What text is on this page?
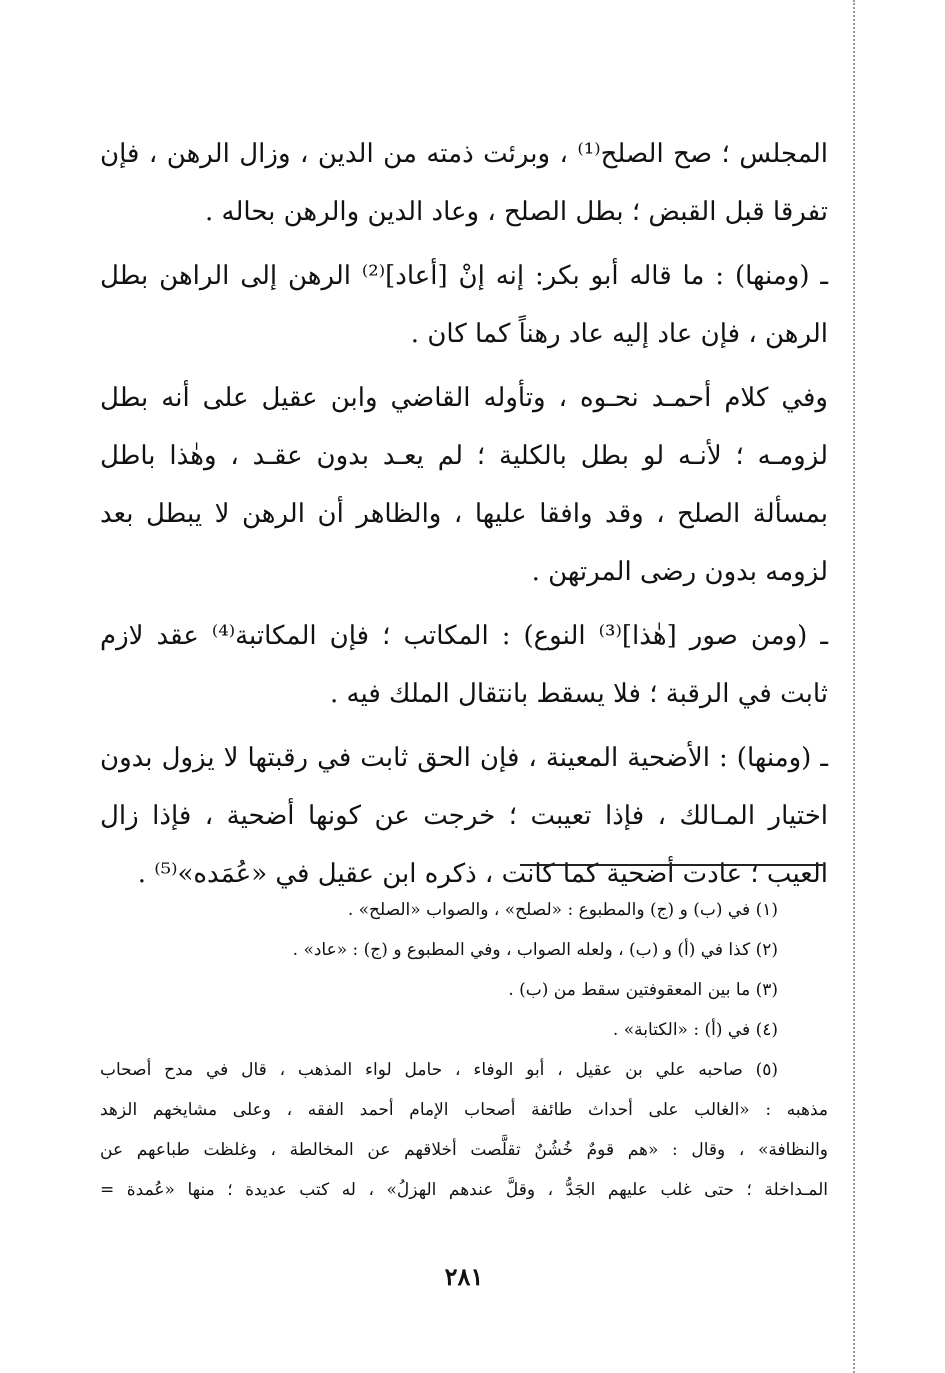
المجلس ؛ صح الصلح⁽¹⁾ ، وبرئت ذمته من الدين ، وزال الرهن ، فإن تفرقا قبل القبض ؛ بطل الصلح ، وعاد الدين والرهن بحاله .

ـ (ومنها) : ما قاله أبو بكر: إنه إنْ [أعاد]⁽²⁾ الرهن إلى الراهن بطل الرهن ، فإن عاد إليه عاد رهناً كما كان .

وفي كلام أحمـد نحـوه ، وتأوله القاضي وابن عقيل على أنه بطل لزومـه ؛ لأنـه لو بطل بالكلية ؛ لم يعـد بدون عقـد ، وهٰذا باطل بمسألة الصلح ، وقد وافقا عليها ، والظاهر أن الرهن لا يبطل بعد لزومه بدون رضى المرتهن .

ـ (ومن صور [هٰذا]⁽³⁾ النوع) : المكاتب ؛ فإن المكاتبة⁽⁴⁾ عقد لازم ثابت في الرقبة ؛ فلا يسقط بانتقال الملك فيه .

ـ (ومنها) : الأضحية المعينة ، فإن الحق ثابت في رقبتها لا يزول بدون اختيار المـالك ، فإذا تعيبت ؛ خرجت عن كونها أضحية ، فإذا زال العيب ؛ عادت أضحية كما كانت ، ذكره ابن عقيل في «عُمَده»⁽⁵⁾ .

(١) في (ب) و (ج) والمطبوع : «لصلح» ، والصواب «الصلح» .

(٢) كذا في (أ) و (ب) ، ولعله الصواب ، وفي المطبوع و (ج) : «عاد» .

(٣) ما بين المعقوفتين سقط من (ب) .

(٤) في (أ) : «الكتابة» .

(٥) صاحبه علي بن عقيل ، أبو الوفاء ، حامل لواء المذهب ، قال في مدح أصحاب

مذهبه : «الغالب على أحداث طائفة أصحاب الإمام أحمد الفقه ، وعلى مشايخهم الزهد

والنظافة» ، وقال : «هم قومٌ خُشُنٌ تقلَّصت أخلاقهم عن المخالطة ، وغلظت طباعهم عن

المـداخلة ؛ حتى غلب عليهم الجَدُّ ، وقلَّ عندهم الهزلُ» ، له كتب عديدة ؛ منها «عُمدة =

٢٨١
